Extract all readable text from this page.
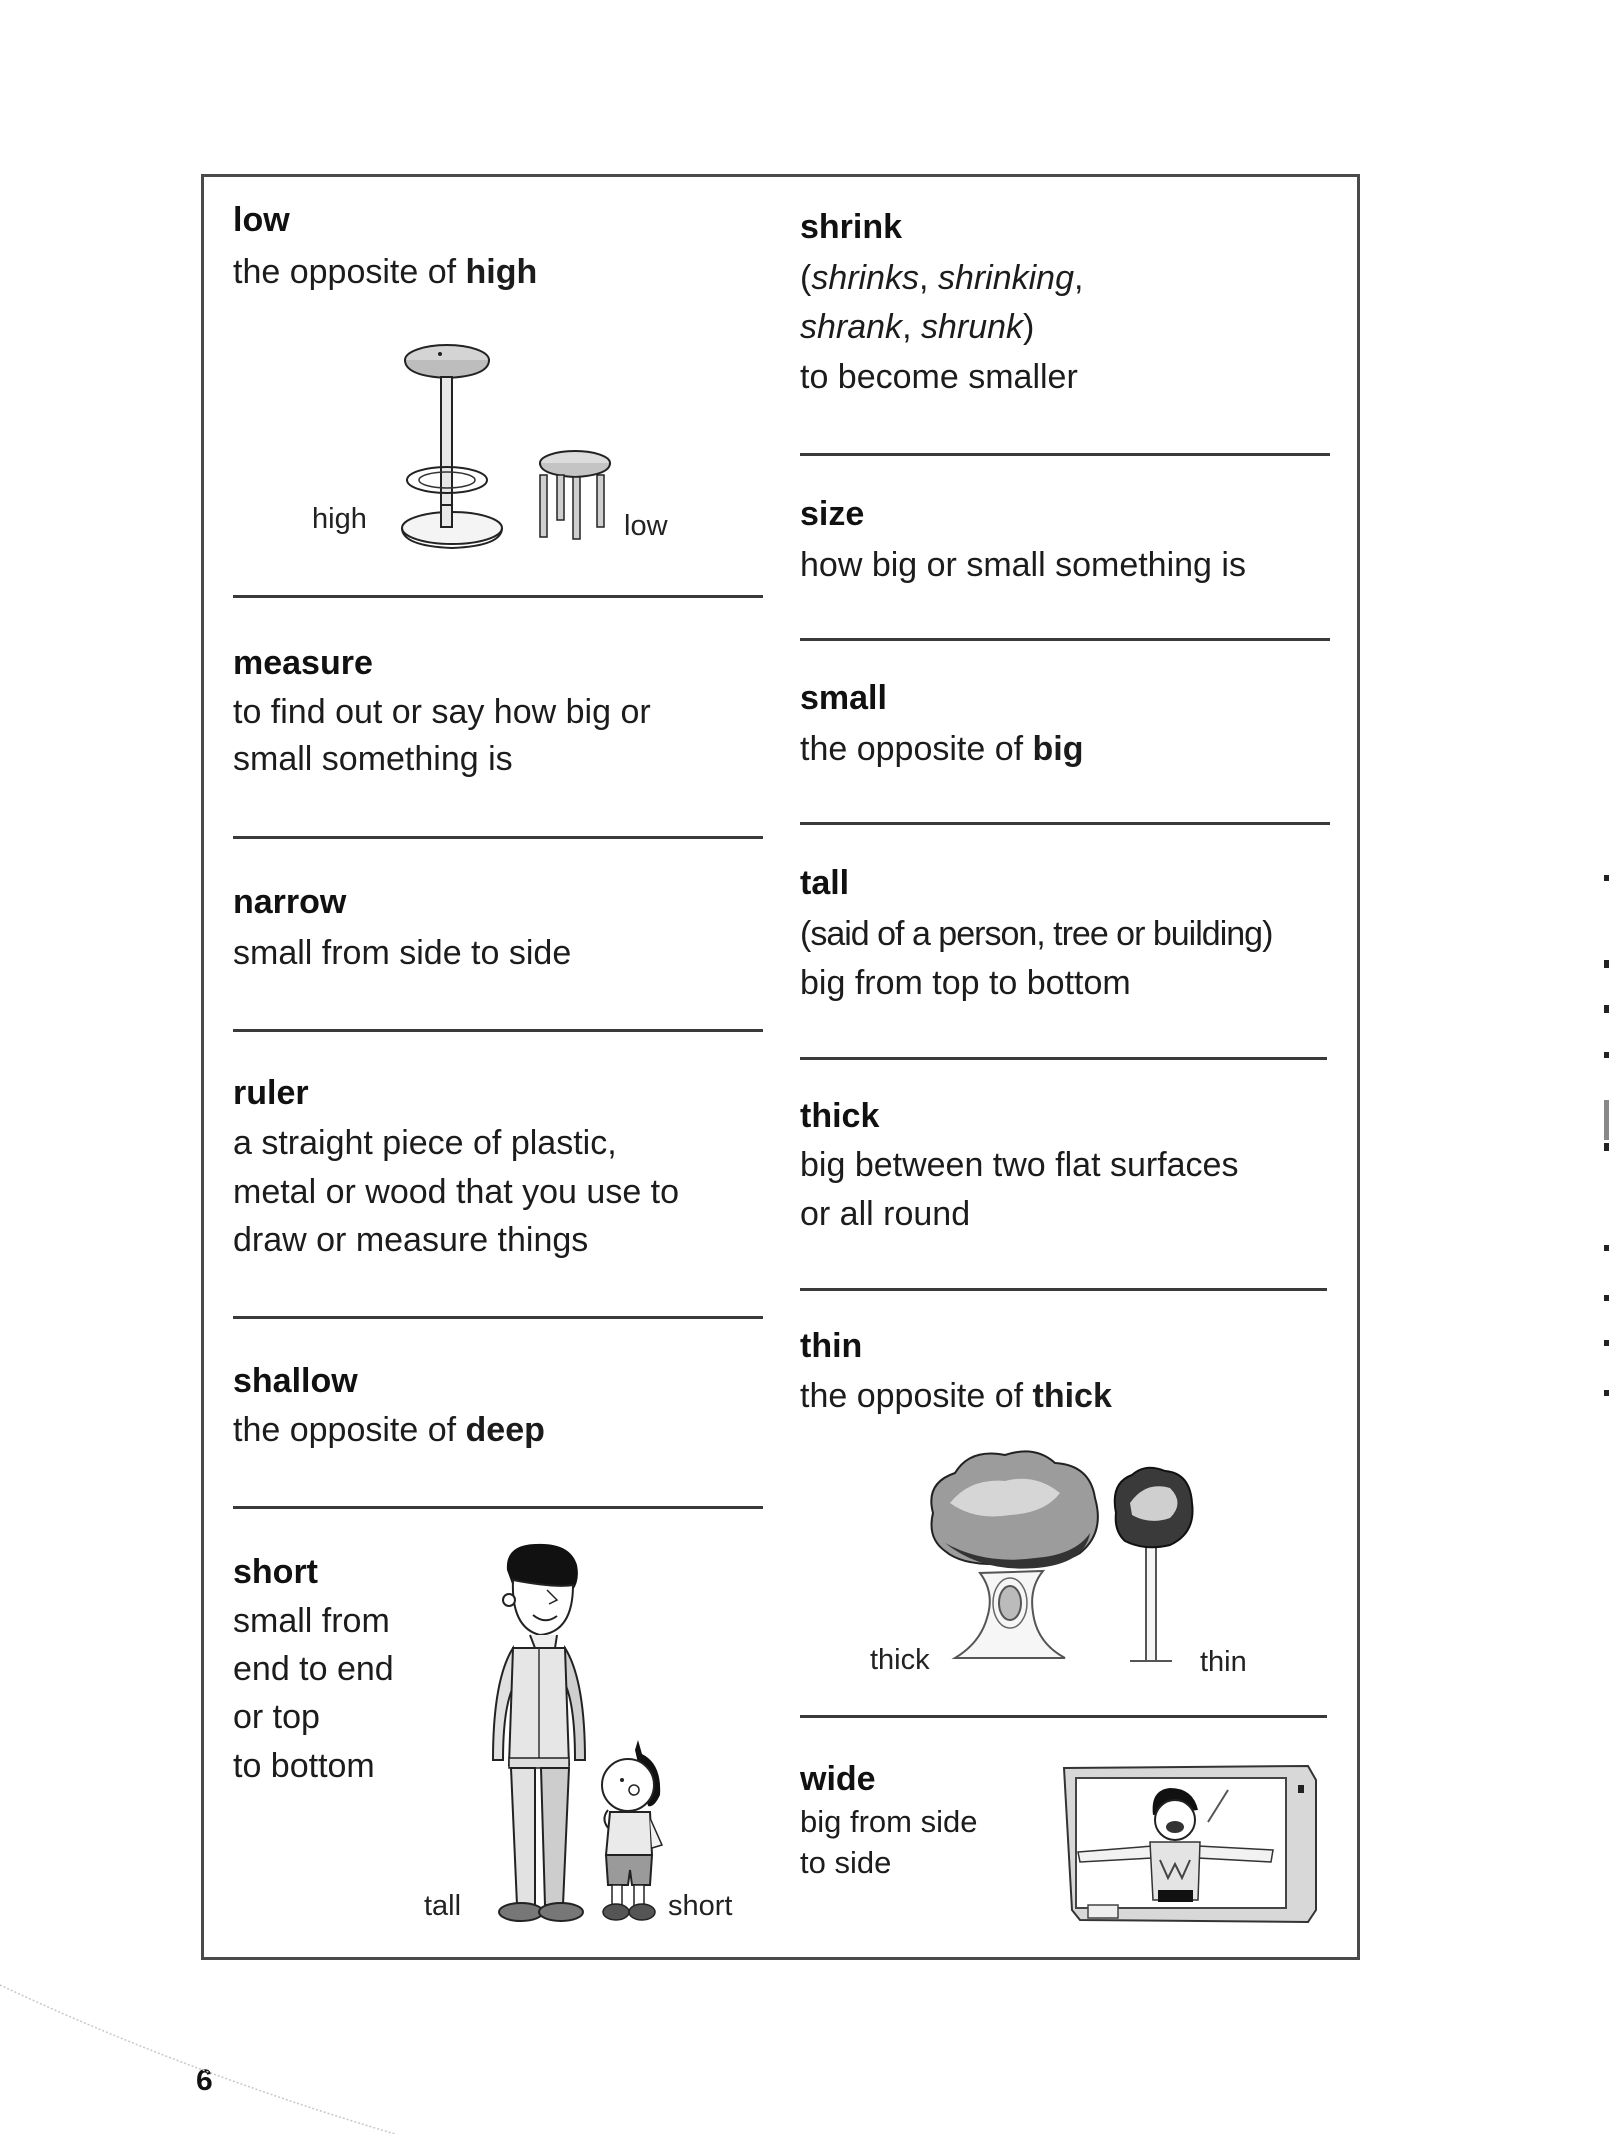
low
the opposite of high
high	low
measure
to find out or say how big or
small something is
narrow
small from side to side
ruler
a straight piece of plastic,
metal or wood that you use to
draw or measure things
shallow
the opposite of deep
short
small from
end to end
or top
to bottom
tall	short
shrink
(shrinks, shrinking,
shrank, shrunk)
to become smaller
size
how big or small something is
small
the opposite of big
tall
(said of a person, tree or building)
big from top to bottom
thick
big between two flat surfaces
or all round
thin
the opposite of thick
thick	thin
wide
big from side
to side
6
